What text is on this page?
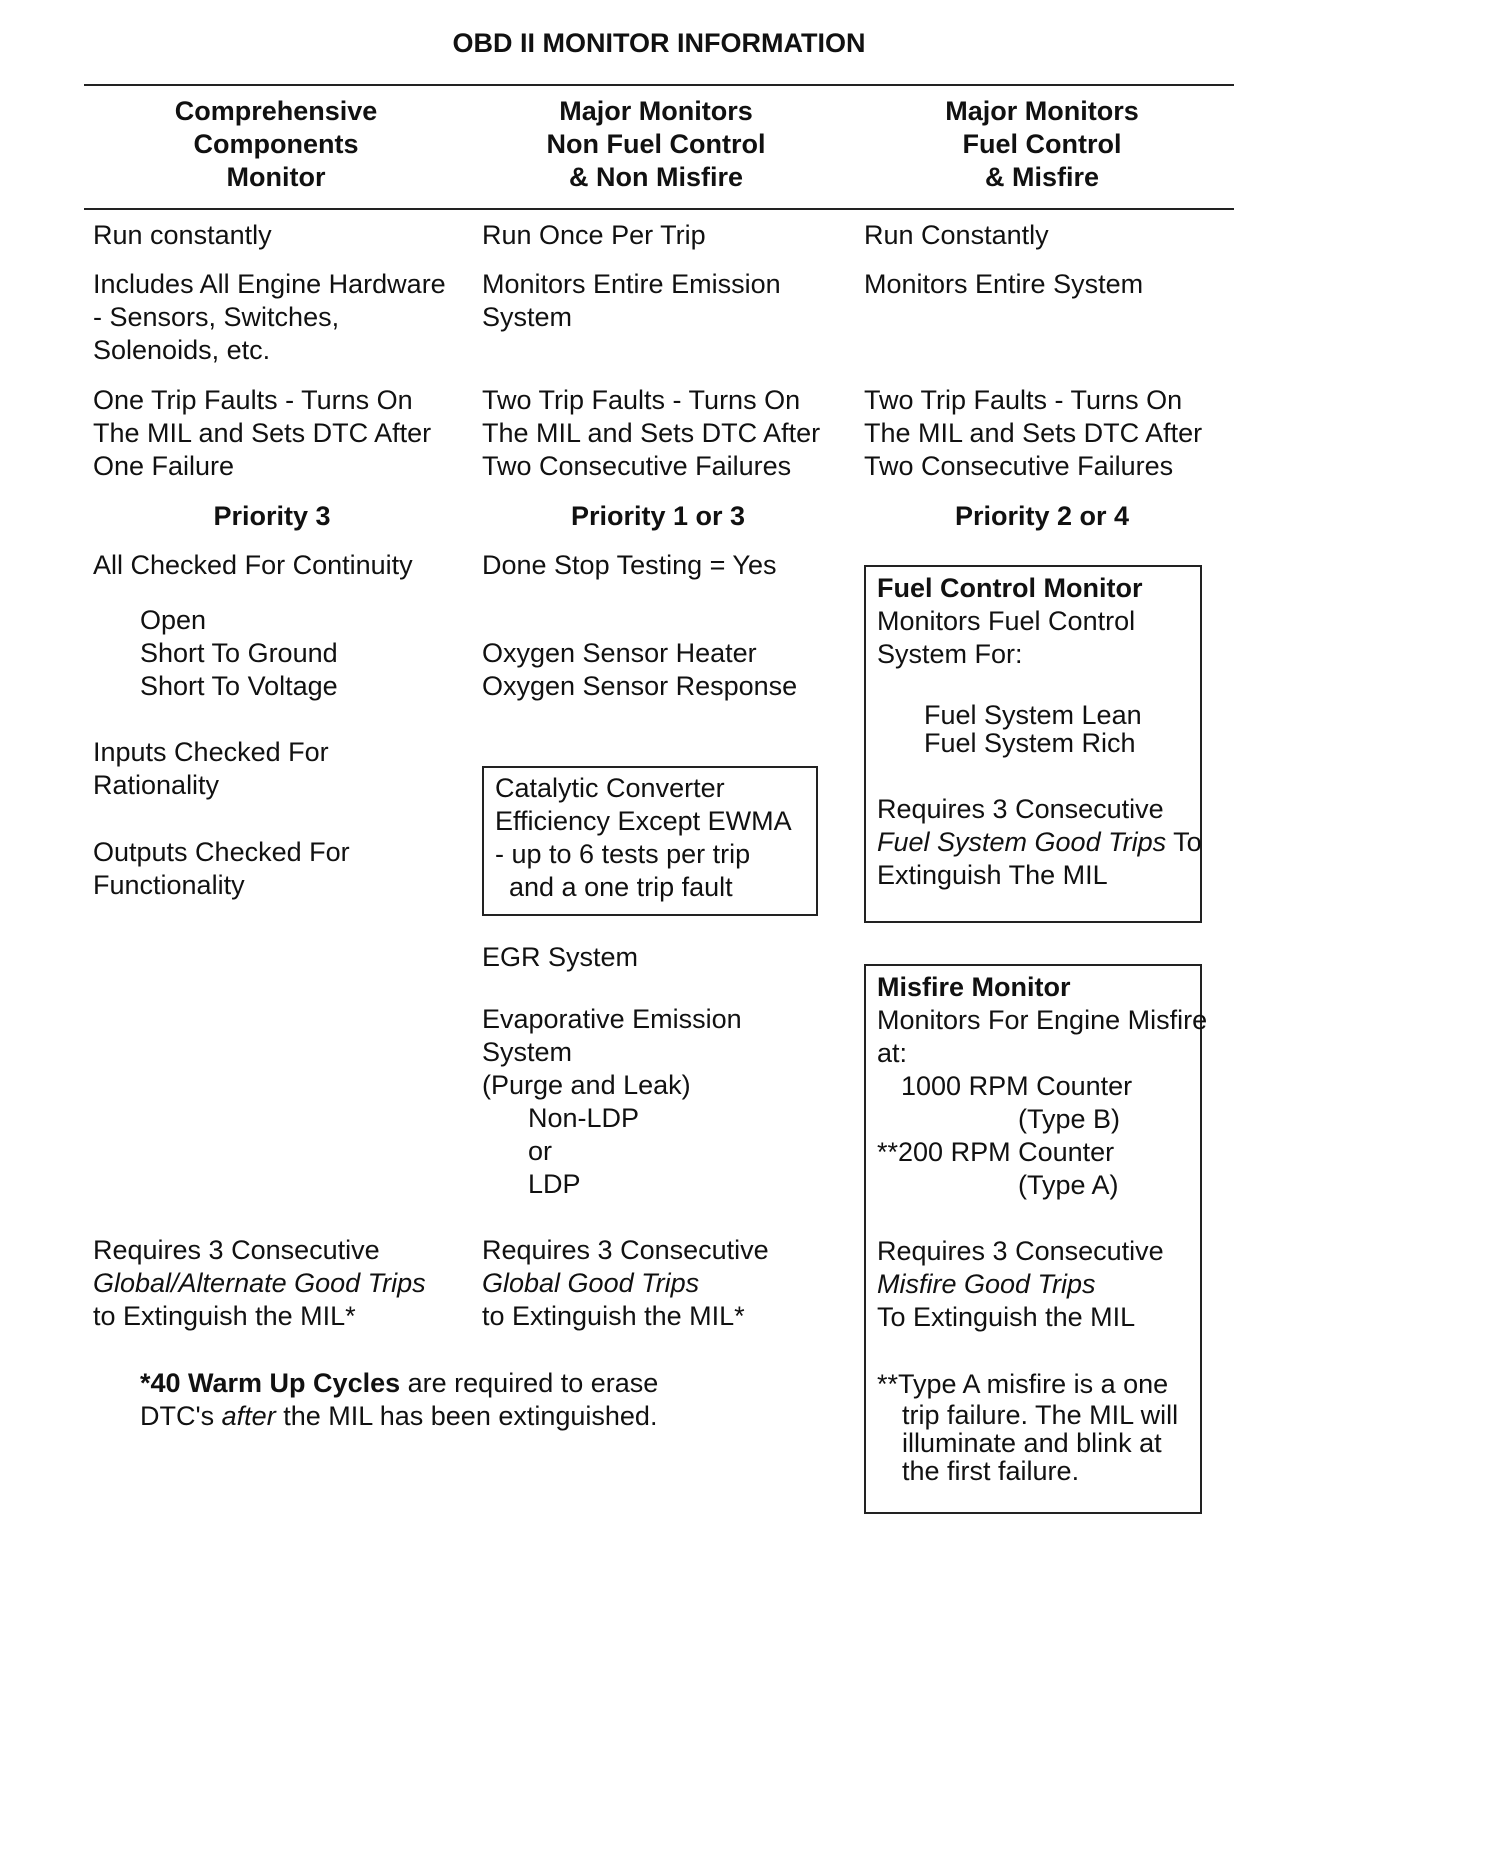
OBD II MONITOR INFORMATION
Comprehensive
Components
Monitor
Major Monitors
Non Fuel Control
& Non Misfire
Major Monitors
Fuel Control
& Misfire
Run constantly
Includes All Engine Hardware
- Sensors, Switches,
Solenoids, etc.
One Trip Faults - Turns On
The MIL and Sets DTC After
One Failure
Priority 3
All Checked For Continuity
Open
Short To Ground
Short To Voltage
Inputs Checked For
Rationality
Outputs Checked For
Functionality
Requires 3 Consecutive
Global/Alternate Good Trips
to Extinguish the MIL*
Run Once Per Trip
Monitors Entire Emission
System
Two Trip Faults - Turns On
The MIL and Sets DTC After
Two Consecutive Failures
Priority 1 or 3
Done Stop Testing = Yes
Oxygen Sensor Heater
Oxygen Sensor Response
Catalytic Converter
Efficiency Except EWMA
- up to 6 tests per trip
and a one trip fault
EGR System
Evaporative Emission
System
(Purge and Leak)
Non-LDP
or
LDP
Requires 3 Consecutive
Global Good Trips
to Extinguish the MIL*
Run Constantly
Monitors Entire System
Two Trip Faults - Turns On
The MIL and Sets DTC After
Two Consecutive Failures
Priority 2 or 4
Fuel Control Monitor
Monitors Fuel Control
System For:
Fuel System Lean
Fuel System Rich
Requires 3 Consecutive
Fuel System Good Trips To
Extinguish The MIL
Misfire Monitor
Monitors For Engine Misfire
at:
1000 RPM Counter
(Type B)
**200 RPM Counter
(Type A)
Requires 3 Consecutive
Misfire Good Trips
To Extinguish the MIL
**Type A misfire is a one
trip failure. The MIL will
illuminate and blink at
the first failure.
*40 Warm Up Cycles are required to erase
DTC's after the MIL has been extinguished.
